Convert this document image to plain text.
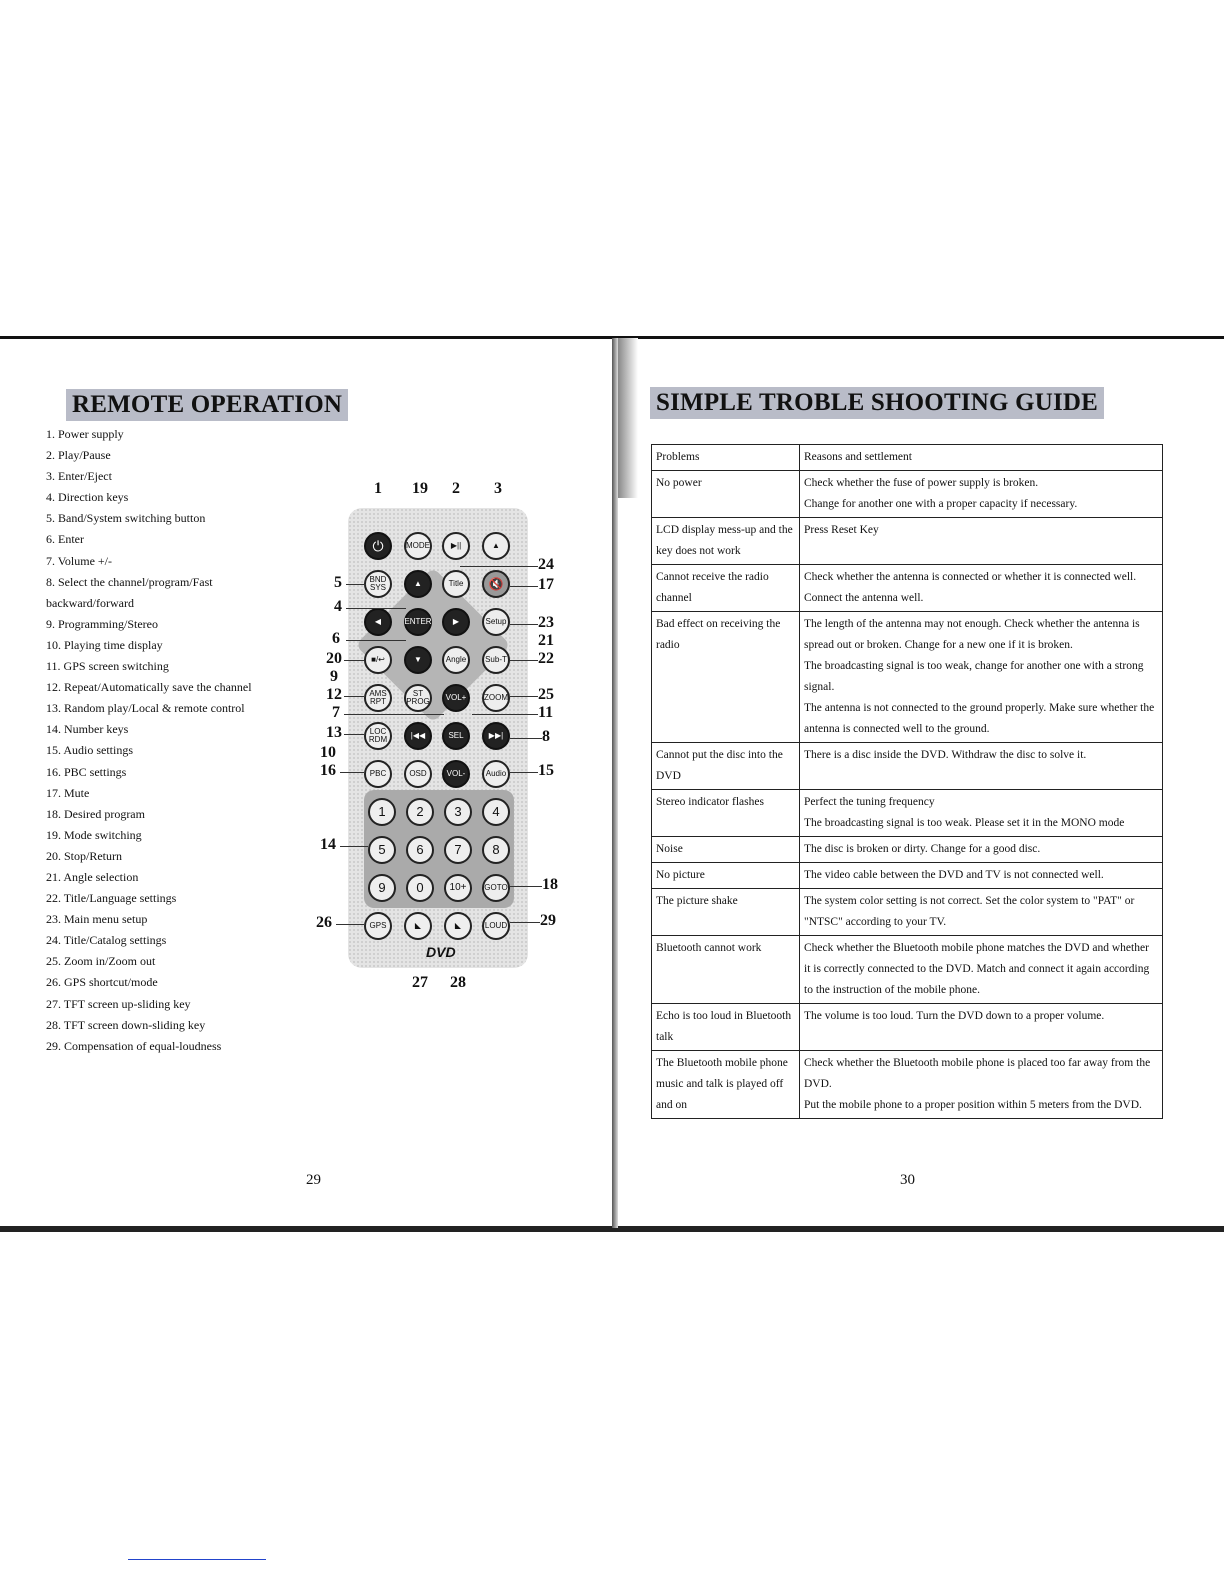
REMOTE OPERATION
1. Power supply
2. Play/Pause
3. Enter/Eject
4. Direction keys
5. Band/System switching button
6. Enter
7. Volume +/-
8. Select the channel/program/Fast
backward/forward
9. Programming/Stereo
10. Playing time display
11. GPS screen switching
12. Repeat/Automatically save the channel
13. Random play/Local & remote control
14. Number keys
15. Audio settings
16. PBC settings
17. Mute
18. Desired program
19. Mode switching
20. Stop/Return
21. Angle selection
22. Title/Language settings
23. Main menu setup
24. Title/Catalog settings
25. Zoom in/Zoom out
26. GPS shortcut/mode
27. TFT screen up-sliding key
28. TFT screen down-sliding key
29. Compensation of equal-loudness
⏻	MODE	▶||	▲
BND SYS	▲	Title	🔇
◀	ENTER	▶	Setup
■/↩	▼	Angle	Sub-T
AMS RPT
ST PROG	VOL+	ZOOM
LOC RDM	|◀◀	SEL	▶▶|
PBC	OSD	VOL-	Audio
1	2	3	4
5	6	7	8
9	0	10+	GOTO
GPS	◣	◣	LOUD
DVD
1 19 2 3
24
5	17
4
23
6	21
20	22
9
12	25
7	11
13	8
10
16	15
14
18
26	29
27 28
29
SIMPLE TROBLE SHOOTING GUIDE
Problems	Reasons and settlement
No power	Check whether the fuse of power supply is broken.
Change for another one with a proper capacity if necessary.

LCD display mess-up and the key does not work	Press Reset Key

Cannot receive the radio channel	Check whether the antenna is connected or whether it is connected well.
Connect the antenna well.

Bad effect on receiving the radio	The length of the antenna may not enough. Check whether the antenna is spread out or broken. Change for a new one if it is broken.
The broadcasting signal is too weak, change for another one with a strong signal.
The antenna is not connected to the ground properly. Make sure whether the antenna is connected well to the ground.

Cannot put the disc into the DVD	There is a disc inside the DVD. Withdraw the disc to solve it.

Stereo indicator flashes	Perfect the tuning frequency
The broadcasting signal is too weak. Please set it in the MONO mode

Noise	The disc is broken or dirty. Change for a good disc.

No picture	The video cable between the DVD and TV is not connected well.

The picture shake	The system color setting is not correct. Set the color system to "PAT" or "NTSC" according to your TV.

Bluetooth cannot work	Check whether the Bluetooth mobile phone matches the DVD and whether it is correctly connected to the DVD. Match and connect it again according to the instruction of the mobile phone.

Echo is too loud in Bluetooth talk	The volume is too loud. Turn the DVD down to a proper volume.

The Bluetooth mobile phone music and talk is played off and on	Check whether the Bluetooth mobile phone is placed too far away from the DVD.
Put the mobile phone to a proper position within 5 meters from the DVD.
30
